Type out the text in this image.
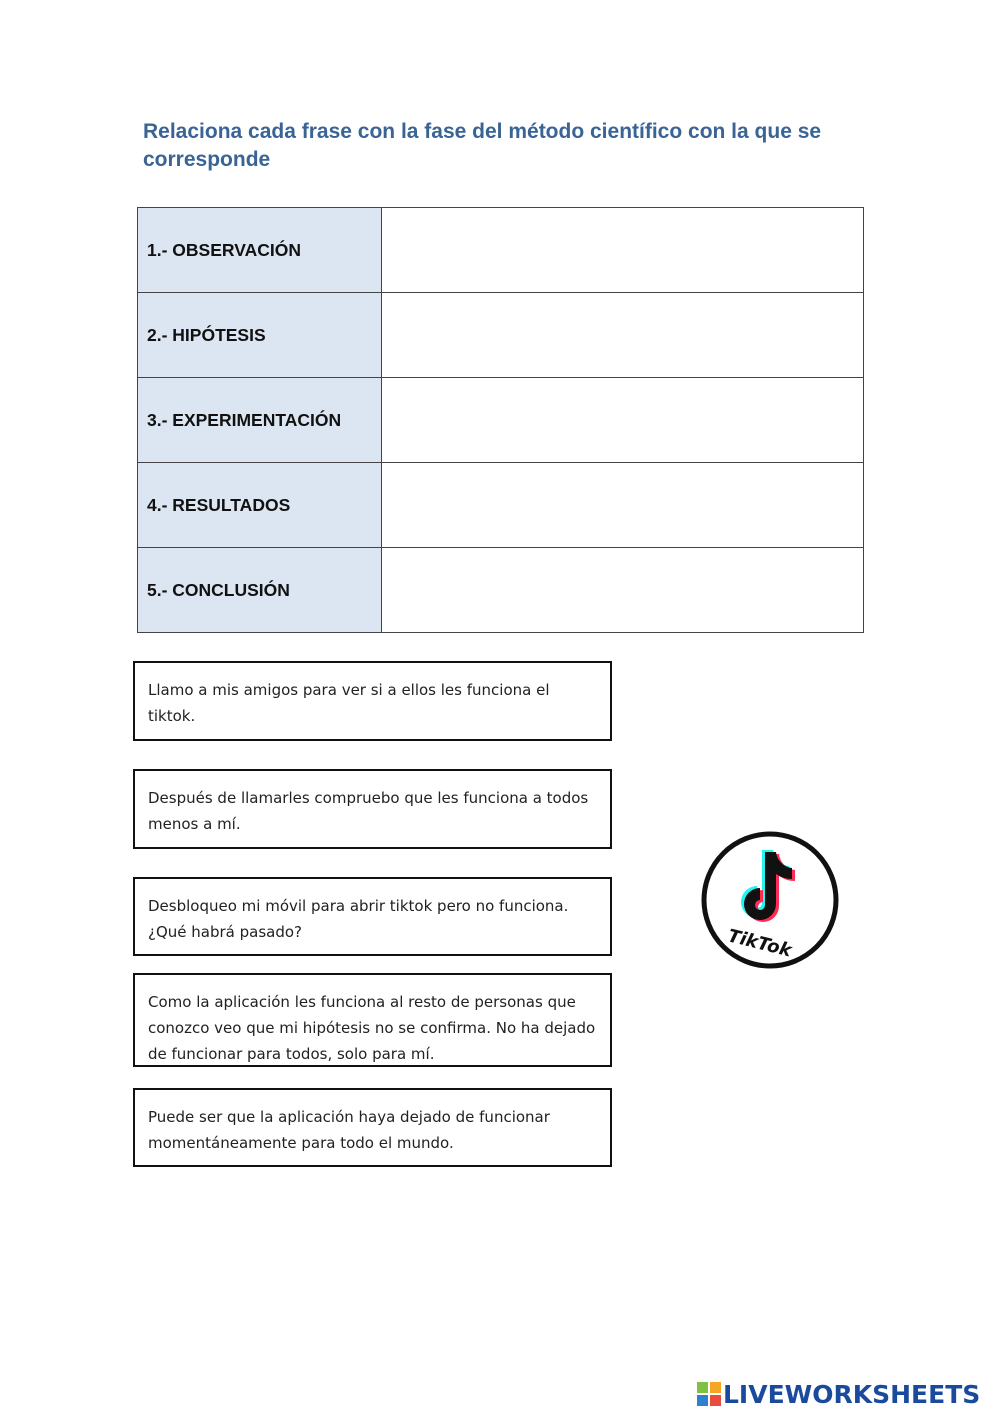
Relaciona cada frase con la fase del método científico con la que se corresponde
1.- OBSERVACIÓN	
2.- HIPÓTESIS	
3.- EXPERIMENTACIÓN	
4.- RESULTADOS	
5.- CONCLUSIÓN	
Llamo a mis amigos para ver si a ellos les funciona el tiktok.
Después de llamarles compruebo que les funciona a todos menos a mí.
Desbloqueo mi móvil para abrir tiktok pero no funciona. ¿Qué habrá pasado?
Como la aplicación les funciona al resto de personas que conozco veo que mi hipótesis no se confirma. No ha dejado de funcionar para todos, solo para mí.
Puede ser que la aplicación haya dejado de funcionar momentáneamente para todo el mundo.
TikTok
LIVEWORKSHEETS
